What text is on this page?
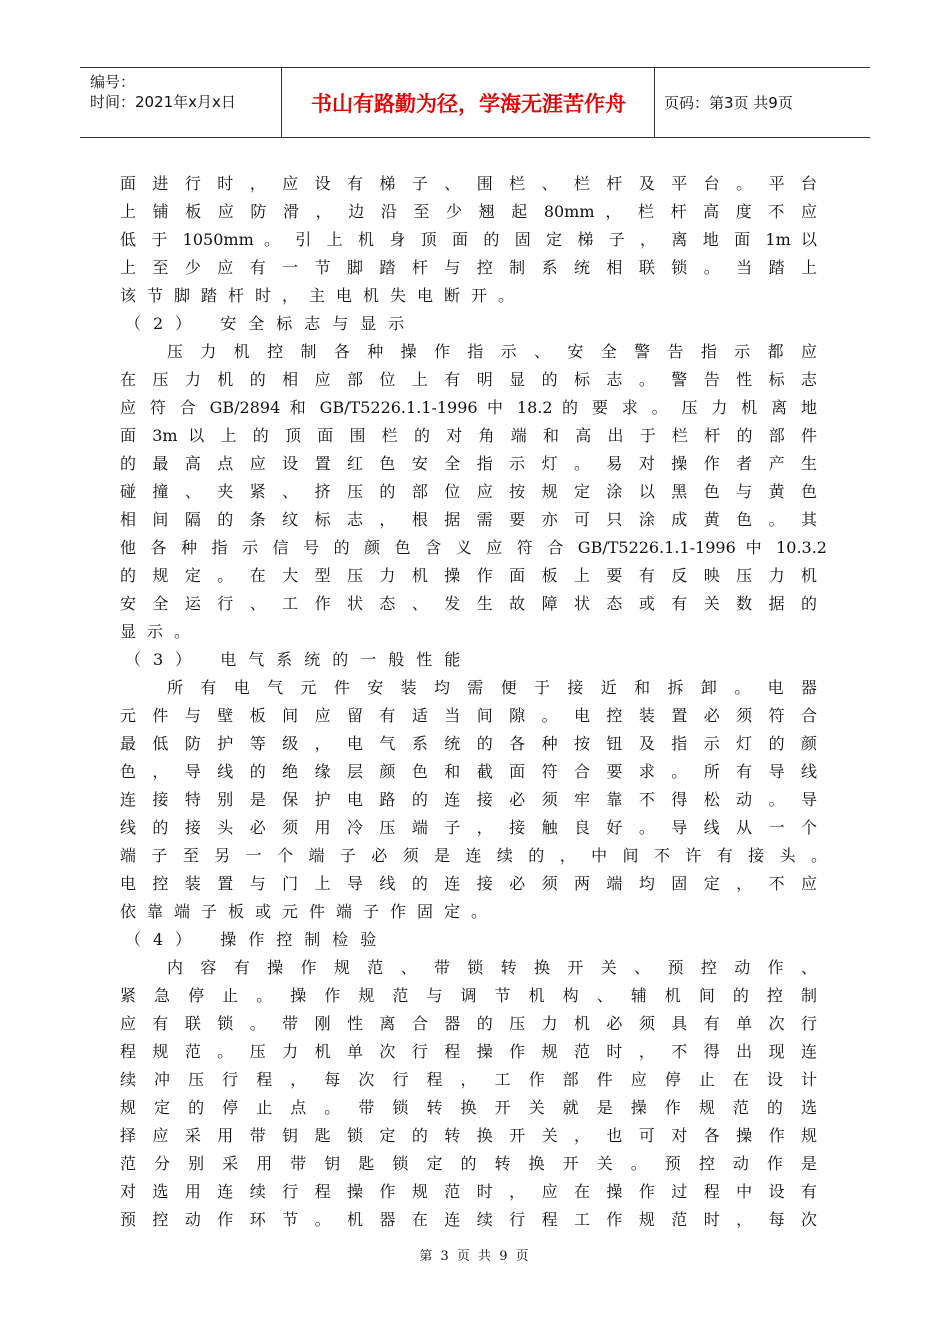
编号：
时间：2021年x月x日	书山有路勤为径，学海无涯苦作舟	页码：第3页 共9页
面 进 行 时 ， 应 设 有 梯 子 、 围 栏 、 栏 杆 及 平 台 。 平 台
上 铺 板 应 防 滑 ， 边 沿 至 少 翘 起 80mm ， 栏 杆 高 度 不 应
低 于 1050mm 。 引 上 机 身 顶 面 的 固 定 梯 子 ， 离 地 面 1m 以
上 至 少 应 有 一 节 脚 踏 杆 与 控 制 系 统 相 联 锁 。 当 踏 上
该节脚踏杆时，主电机失电断开。
（2） 安全标志与显示
压 力 机 控 制 各 种 操 作 指 示 、 安 全 警 告 指 示 都 应
在 压 力 机 的 相 应 部 位 上 有 明 显 的 标 志 。 警 告 性 标 志
应 符 合 GB/2894 和 GB/T5226.1.1-1996 中 18.2 的 要 求 。 压 力 机 离 地
面 3m 以 上 的 顶 面 围 栏 的 对 角 端 和 高 出 于 栏 杆 的 部 件
的 最 高 点 应 设 置 红 色 安 全 指 示 灯 。 易 对 操 作 者 产 生
碰 撞 、 夹 紧 、 挤 压 的 部 位 应 按 规 定 涂 以 黑 色 与 黄 色
相 间 隔 的 条 纹 标 志 ， 根 据 需 要 亦 可 只 涂 成 黄 色 。 其
他 各 种 指 示 信 号 的 颜 色 含 义 应 符 合 GB/T5226.1.1-1996 中 10.3.2
的 规 定 。 在 大 型 压 力 机 操 作 面 板 上 要 有 反 映 压 力 机
安 全 运 行 、 工 作 状 态 、 发 生 故 障 状 态 或 有 关 数 据 的
显示。
（3） 电气系统的一般性能
所 有 电 气 元 件 安 装 均 需 便 于 接 近 和 拆 卸 。 电 器
元 件 与 壁 板 间 应 留 有 适 当 间 隙 。 电 控 装 置 必 须 符 合
最 低 防 护 等 级 ， 电 气 系 统 的 各 种 按 钮 及 指 示 灯 的 颜
色 ， 导 线 的 绝 缘 层 颜 色 和 截 面 符 合 要 求 。 所 有 导 线
连 接 特 别 是 保 护 电 路 的 连 接 必 须 牢 靠 不 得 松 动 。 导
线 的 接 头 必 须 用 冷 压 端 子 ， 接 触 良 好 。 导 线 从 一 个
端 子 至 另 一 个 端 子 必 须 是 连 续 的 ， 中 间 不 许 有 接 头 。
电 控 装 置 与 门 上 导 线 的 连 接 必 须 两 端 均 固 定 ， 不 应
依靠端子板或元件端子作固定。
（4） 操作控制检验
内 容 有 操 作 规 范 、 带 锁 转 换 开 关 、 预 控 动 作 、
紧 急 停 止 。 操 作 规 范 与 调 节 机 构 、 辅 机 间 的 控 制
应 有 联 锁 。 带 刚 性 离 合 器 的 压 力 机 必 须 具 有 单 次 行
程 规 范 。 压 力 机 单 次 行 程 操 作 规 范 时 ， 不 得 出 现 连
续 冲 压 行 程 ， 每 次 行 程 ， 工 作 部 件 应 停 止 在 设 计
规 定 的 停 止 点 。 带 锁 转 换 开 关 就 是 操 作 规 范 的 选
择 应 采 用 带 钥 匙 锁 定 的 转 换 开 关 ， 也 可 对 各 操 作 规
范 分 别 采 用 带 钥 匙 锁 定 的 转 换 开 关 。 预 控 动 作 是
对 选 用 连 续 行 程 操 作 规 范 时 ， 应 在 操 作 过 程 中 设 有
预 控 动 作 环 节 。 机 器 在 连 续 行 程 工 作 规 范 时 ， 每 次
第 3 页 共 9 页
